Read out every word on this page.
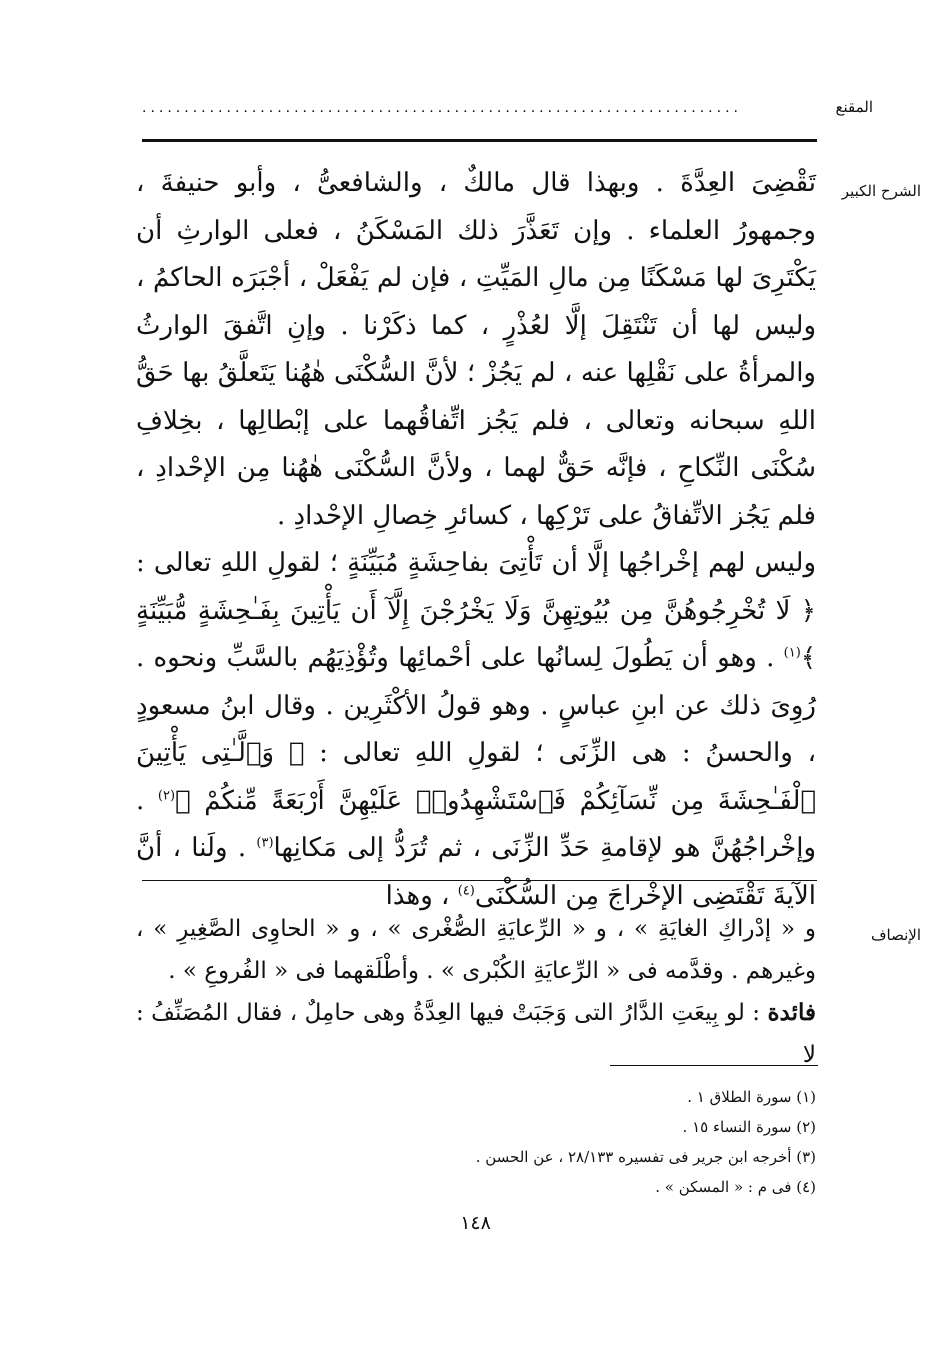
المقنع
.......................................................................
الشرح الكبير

تَقْضِىَ العِدَّةَ . وبهذا قال مالكٌ ، والشافعىُّ ، وأبو حنيفةَ ، وجمهورُ العلماء . وإن تَعَذَّرَ ذلك المَسْكَنُ ، فعلى الوارثِ أن يَكْتَرِىَ لها مَسْكَنًا مِن مالِ المَيِّتِ ، فإن لم يَفْعَلْ ، أجْبَرَه الحاكمُ ، وليس لها أن تَنْتَقِلَ إلَّا لعُذْرٍ ، كما ذكَرْنا . وإنِ اتَّفقَ الوارثُ والمرأةُ على نَقْلِها عنه ، لم يَجُزْ ؛ لأنَّ السُّكْنَى هٰهُنا يَتَعلَّقُ بها حَقُّ اللهِ سبحانه وتعالى ، فلم يَجُز اتِّفاقُهما على إبْطالِها ، بخِلافِ سُكْنَى النِّكاحِ ، فإنَّه حَقٌّ لهما ، ولأنَّ السُّكْنَى هٰهُنا مِن الإحْدادِ ، فلم يَجُز الاتِّفاقُ على تَرْكِها ، كسائرِ خِصالِ الإحْدادِ .

وليس لهم إخْراجُها إلَّا أن تَأْتِىَ بفاحِشَةٍ مُبَيِّنَةٍ ؛ لقولِ اللهِ تعالى : ﴿ لَا تُخْرِجُوهُنَّ مِن بُيُوتِهِنَّ وَلَا يَخْرُجْنَ إِلَّآ أَن يَأْتِينَ بِفَـٰحِشَةٍ مُّبَيِّنَةٍ ﴾$^{(١)}$ . وهو أن يَطُولَ لِسانُها على أحْمائِها وتُؤْذِيَهُم بالسَّبِّ ونحوه . رُوِىَ ذلك عن ابنِ عباسٍ . وهو قولُ الأكْثَرِين . وقال ابنُ مسعودٍ ، والحسنُ : هى الزِّنَى ؛ لقولِ اللهِ تعالى : ﴿ وَٱلَّـٰتِى يَأْتِينَ ٱلْفَـٰحِشَةَ مِن نِّسَآئِكُمْ فَٱسْتَشْهِدُوا۟ عَلَيْهِنَّ أَرْبَعَةً مِّنكُمْ ﴾$^{(٢)}$ . وإخْراجُهُنَّ هو لإقامةِ حَدِّ الزِّنَى ، ثم تُرَدُّ إلى مَكانِها$^{(٣)}$ . ولَنا ، أنَّ الآيةَ تَقْتَضِى الإخْراجَ مِن السُّكْنَى$^{(٤)}$ ، وهذا

الإنصاف

و « إدْراكِ الغايَةِ » ، و « الرِّعايَةِ الصُّغْرى » ، و « الحاوِى الصَّغِيرِ » ، وغيرهم . وقدَّمه فى « الرِّعايَةِ الكُبْرى » . وأطْلَقهما فى « الفُروعِ » .

فائدة : لو بِيعَتِ الدَّارُ التى وَجَبَتْ فيها العِدَّةُ وهى حامِلٌ ، فقال المُصَنِّفُ : لا

(١) سورة الطلاق ١ .
(٢) سورة النساء ١٥ .
(٣) أخرجه ابن جرير فى تفسيره ٢٨/١٣٣ ، عن الحسن .
(٤) فى م : « المسكن » .
١٤٨
